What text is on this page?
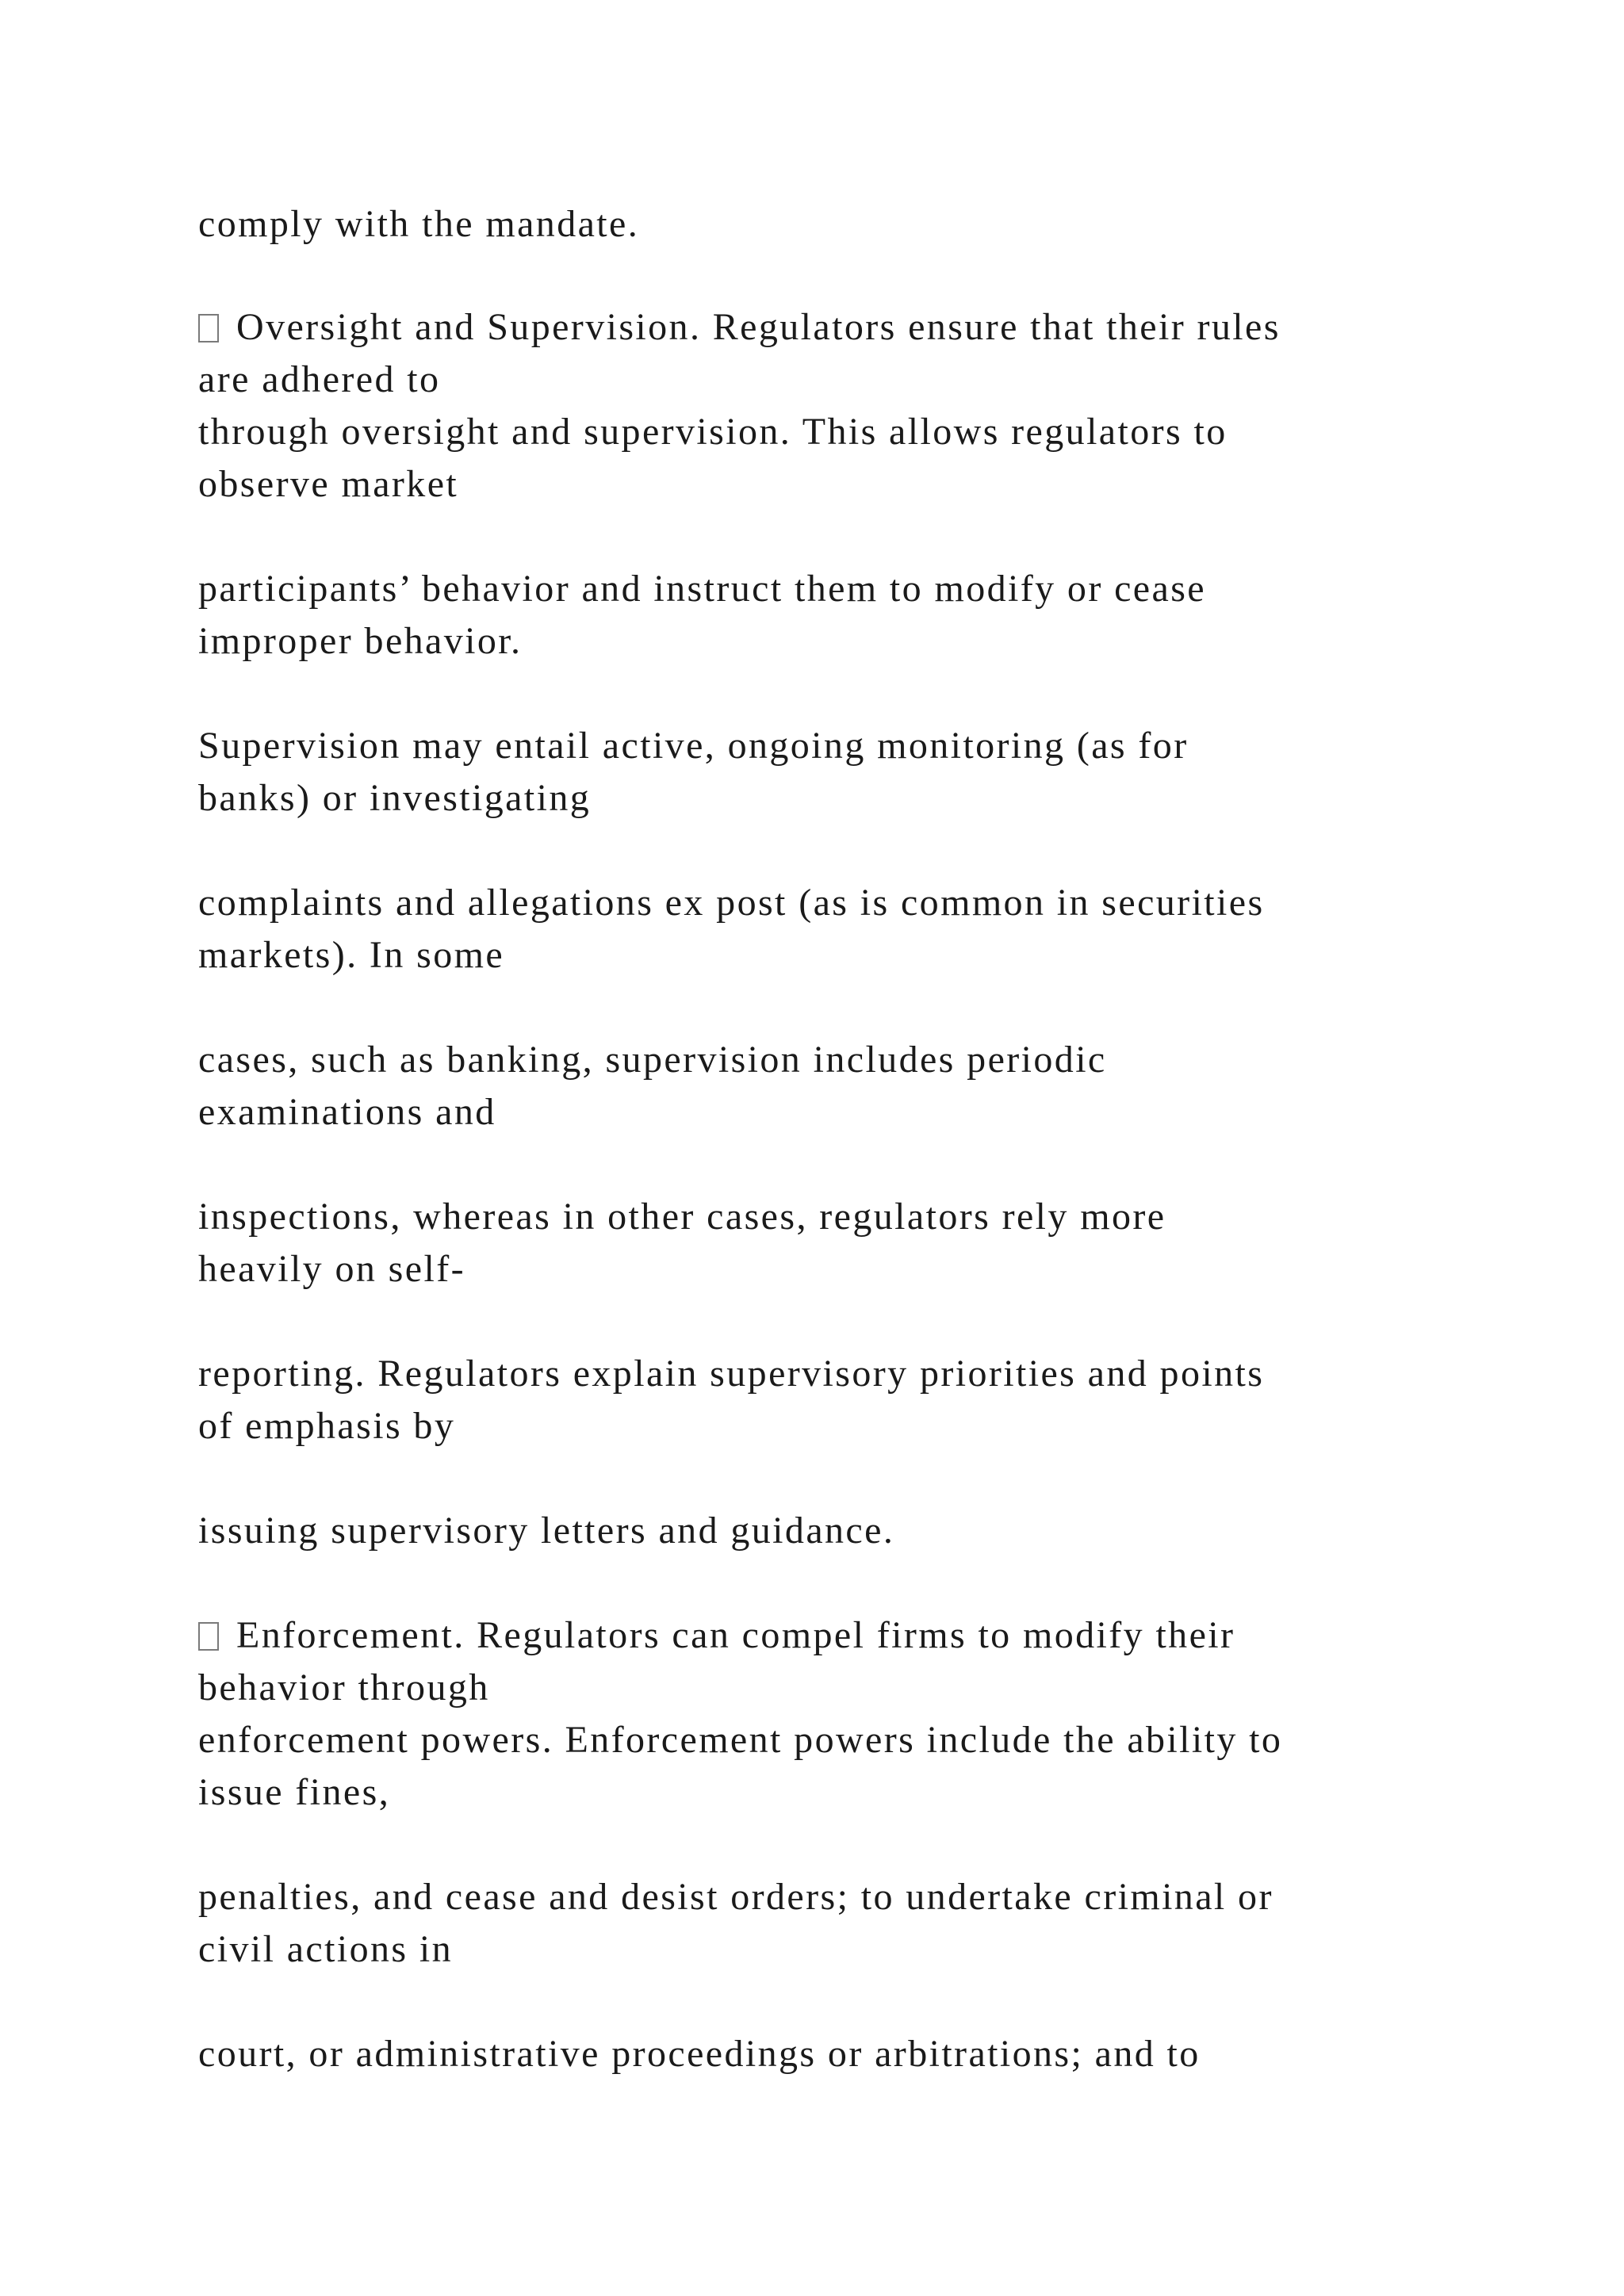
comply with the mandate.

Oversight and Supervision. Regulators ensure that their rules

are adhered to

through oversight and supervision. This allows regulators to

observe market

participants’ behavior and instruct them to modify or cease

improper behavior.

Supervision may entail active, ongoing monitoring (as for

banks) or investigating

complaints and allegations ex post (as is common in securities

markets). In some

cases, such as banking, supervision includes periodic

examinations and

inspections, whereas in other cases, regulators rely more

heavily on self-

reporting. Regulators explain supervisory priorities and points

of emphasis by

issuing supervisory letters and guidance.

Enforcement. Regulators can compel firms to modify their

behavior through

enforcement powers. Enforcement powers include the ability to

issue fines,

penalties, and cease and desist orders; to undertake criminal or

civil actions in

court, or administrative proceedings or arbitrations; and to
